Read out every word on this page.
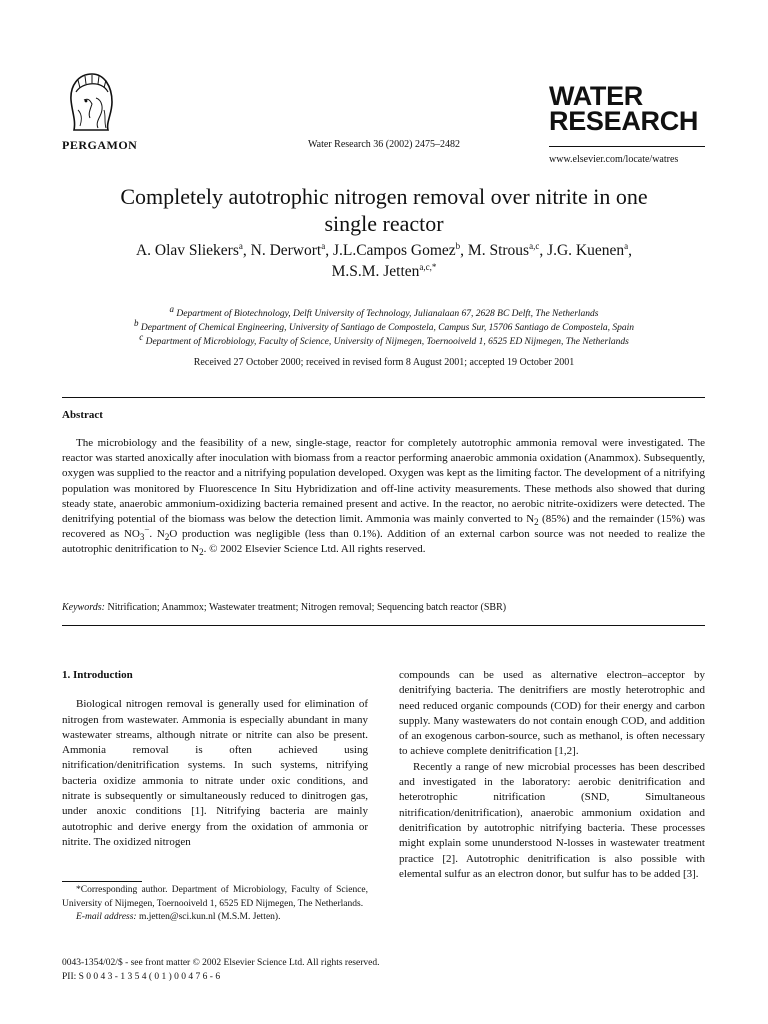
PERGAMON	Water Research 36 (2002) 2475–2482
WATER
RESEARCH
www.elsevier.com/locate/watres
Completely autotrophic nitrogen removal over nitrite in one
single reactor
A. Olav Sliekers$^a$, N. Derwort$^a$, J.L.Campos Gomez$^b$, M. Strous$^{a,c}$, J.G. Kuenen$^a$,
M.S.M. Jetten$^{a,c,*}$
$^a$ Department of Biotechnology, Delft University of Technology, Julianalaan 67, 2628 BC Delft, The Netherlands
$^b$ Department of Chemical Engineering, University of Santiago de Compostela, Campus Sur, 15706 Santiago de Compostela, Spain
$^c$ Department of Microbiology, Faculty of Science, University of Nijmegen, Toernooiveld 1, 6525 ED Nijmegen, The Netherlands
Received 27 October 2000; received in revised form 8 August 2001; accepted 19 October 2001
Abstract
The microbiology and the feasibility of a new, single-stage, reactor for completely autotrophic ammonia removal were investigated. The reactor was started anoxically after inoculation with biomass from a reactor performing anaerobic ammonia oxidation (Anammox). Subsequently, oxygen was supplied to the reactor and a nitrifying population developed. Oxygen was kept as the limiting factor. The development of a nitrifying population was monitored by Fluorescence In Situ Hybridization and off-line activity measurements. These methods also showed that during steady state, anaerobic ammonium-oxidizing bacteria remained present and active. In the reactor, no aerobic nitrite-oxidizers were detected. The denitrifying potential of the biomass was below the detection limit. Ammonia was mainly converted to $N_2$ (85%) and the remainder (15%) was recovered as $NO_3^-$. $N_2O$ production was negligible (less than 0.1%). Addition of an external carbon source was not needed to realize the autotrophic denitrification to $N_2$. © 2002 Elsevier Science Ltd. All rights reserved.
Keywords: Nitrification; Anammox; Wastewater treatment; Nitrogen removal; Sequencing batch reactor (SBR)
1. Introduction

Biological nitrogen removal is generally used for elimination of nitrogen from wastewater. Ammonia is especially abundant in many wastewater streams, although nitrate or nitrite can also be present. Ammonia removal is often achieved using nitrification/denitrification systems. In such systems, nitrifying bacteria oxidize ammonia to nitrate under oxic conditions, and nitrate is subsequently or simultaneously reduced to dinitrogen gas, under anoxic conditions [1]. Nitrifying bacteria are mainly autotrophic and derive energy from the oxidation of ammonia or nitrite. The oxidized nitrogen

compounds can be used as alternative electron–acceptor by denitrifying bacteria. The denitrifiers are mostly heterotrophic and need reduced organic compounds (COD) for their energy and carbon supply. Many wastewaters do not contain enough COD, and addition of an exogenous carbon-source, such as methanol, is often necessary to achieve complete denitrification [1,2].

Recently a range of new microbial processes has been described and investigated in the laboratory: aerobic denitrification and heterotrophic nitrification (SND, Simultaneous nitrification/denitrification), anaerobic ammonium oxidation and denitrification by autotrophic nitrifying bacteria. These processes might explain some ununderstood N-losses in wastewater treatment practice [2]. Autotrophic denitrification is also possible with elemental sulfur as an electron donor, but sulfur has to be added [3].

*Corresponding author. Department of Microbiology, Faculty of Science, University of Nijmegen, Toernooiveld 1, 6525 ED Nijmegen, The Netherlands.

E-mail address: m.jetten@sci.kun.nl (M.S.M. Jetten).

0043-1354/02/$ - see front matter © 2002 Elsevier Science Ltd. All rights reserved.
PII: S 0 0 4 3 - 1 3 5 4 ( 0 1 ) 0 0 4 7 6 - 6
